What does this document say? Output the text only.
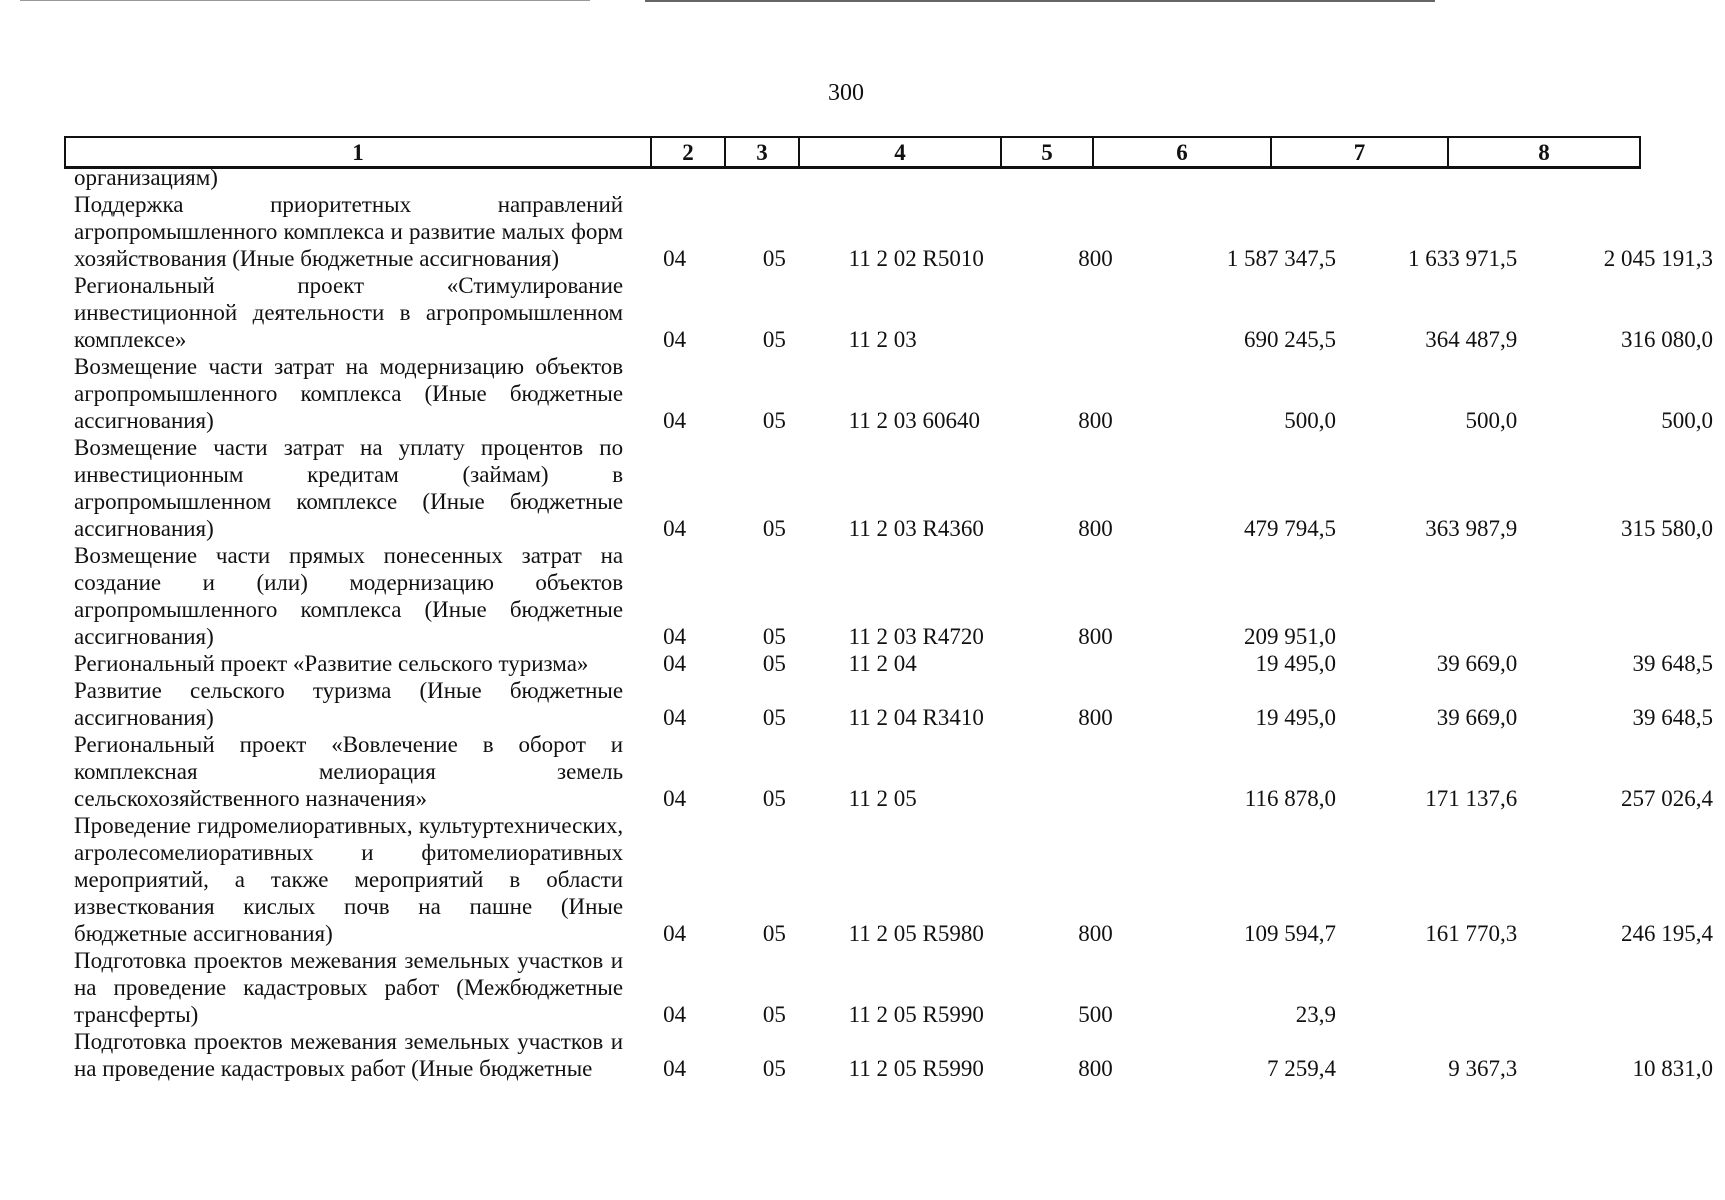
300
1	2	3	4	5	6	7	8
организациям)							
Поддержка приоритетных направлений агропромышленного комплекса и развитие малых форм хозяйствования (Иные бюджетные ассигнования)	04	05	11 2 02 R5010	800	1 587 347,5	1 633 971,5	2 045 191,3
Региональный проект «Стимулирование инвестиционной деятельности в агропромышленном комплексе»	04	05	11 2 03		690 245,5	364 487,9	316 080,0
Возмещение части затрат на модернизацию объектов агропромышленного комплекса (Иные бюджетные ассигнования)	04	05	11 2 03 60640	800	500,0	500,0	500,0
Возмещение части затрат на уплату процентов по инвестиционным кредитам (займам) в агропромышленном комплексе (Иные бюджетные ассигнования)	04	05	11 2 03 R4360	800	479 794,5	363 987,9	315 580,0
Возмещение части прямых понесенных затрат на создание и (или) модернизацию объектов агропромышленного комплекса (Иные бюджетные ассигнования)	04	05	11 2 03 R4720	800	209 951,0		
Региональный проект «Развитие сельского туризма»	04	05	11 2 04		19 495,0	39 669,0	39 648,5
Развитие сельского туризма (Иные бюджетные ассигнования)	04	05	11 2 04 R3410	800	19 495,0	39 669,0	39 648,5
Региональный проект «Вовлечение в оборот и комплексная мелиорация земель сельскохозяйственного назначения»	04	05	11 2 05		116 878,0	171 137,6	257 026,4
Проведение гидромелиоративных, культуртехнических, агролесомелиоративных и фитомелиоративных мероприятий, а также мероприятий в области известкования кислых почв на пашне (Иные бюджетные ассигнования)	04	05	11 2 05 R5980	800	109 594,7	161 770,3	246 195,4
Подготовка проектов межевания земельных участков и на проведение кадастровых работ (Межбюджетные трансферты)	04	05	11 2 05 R5990	500	23,9		
Подготовка проектов межевания земельных участков и на проведение кадастровых работ (Иные бюджетные	04	05	11 2 05 R5990	800	7 259,4	9 367,3	10 831,0
